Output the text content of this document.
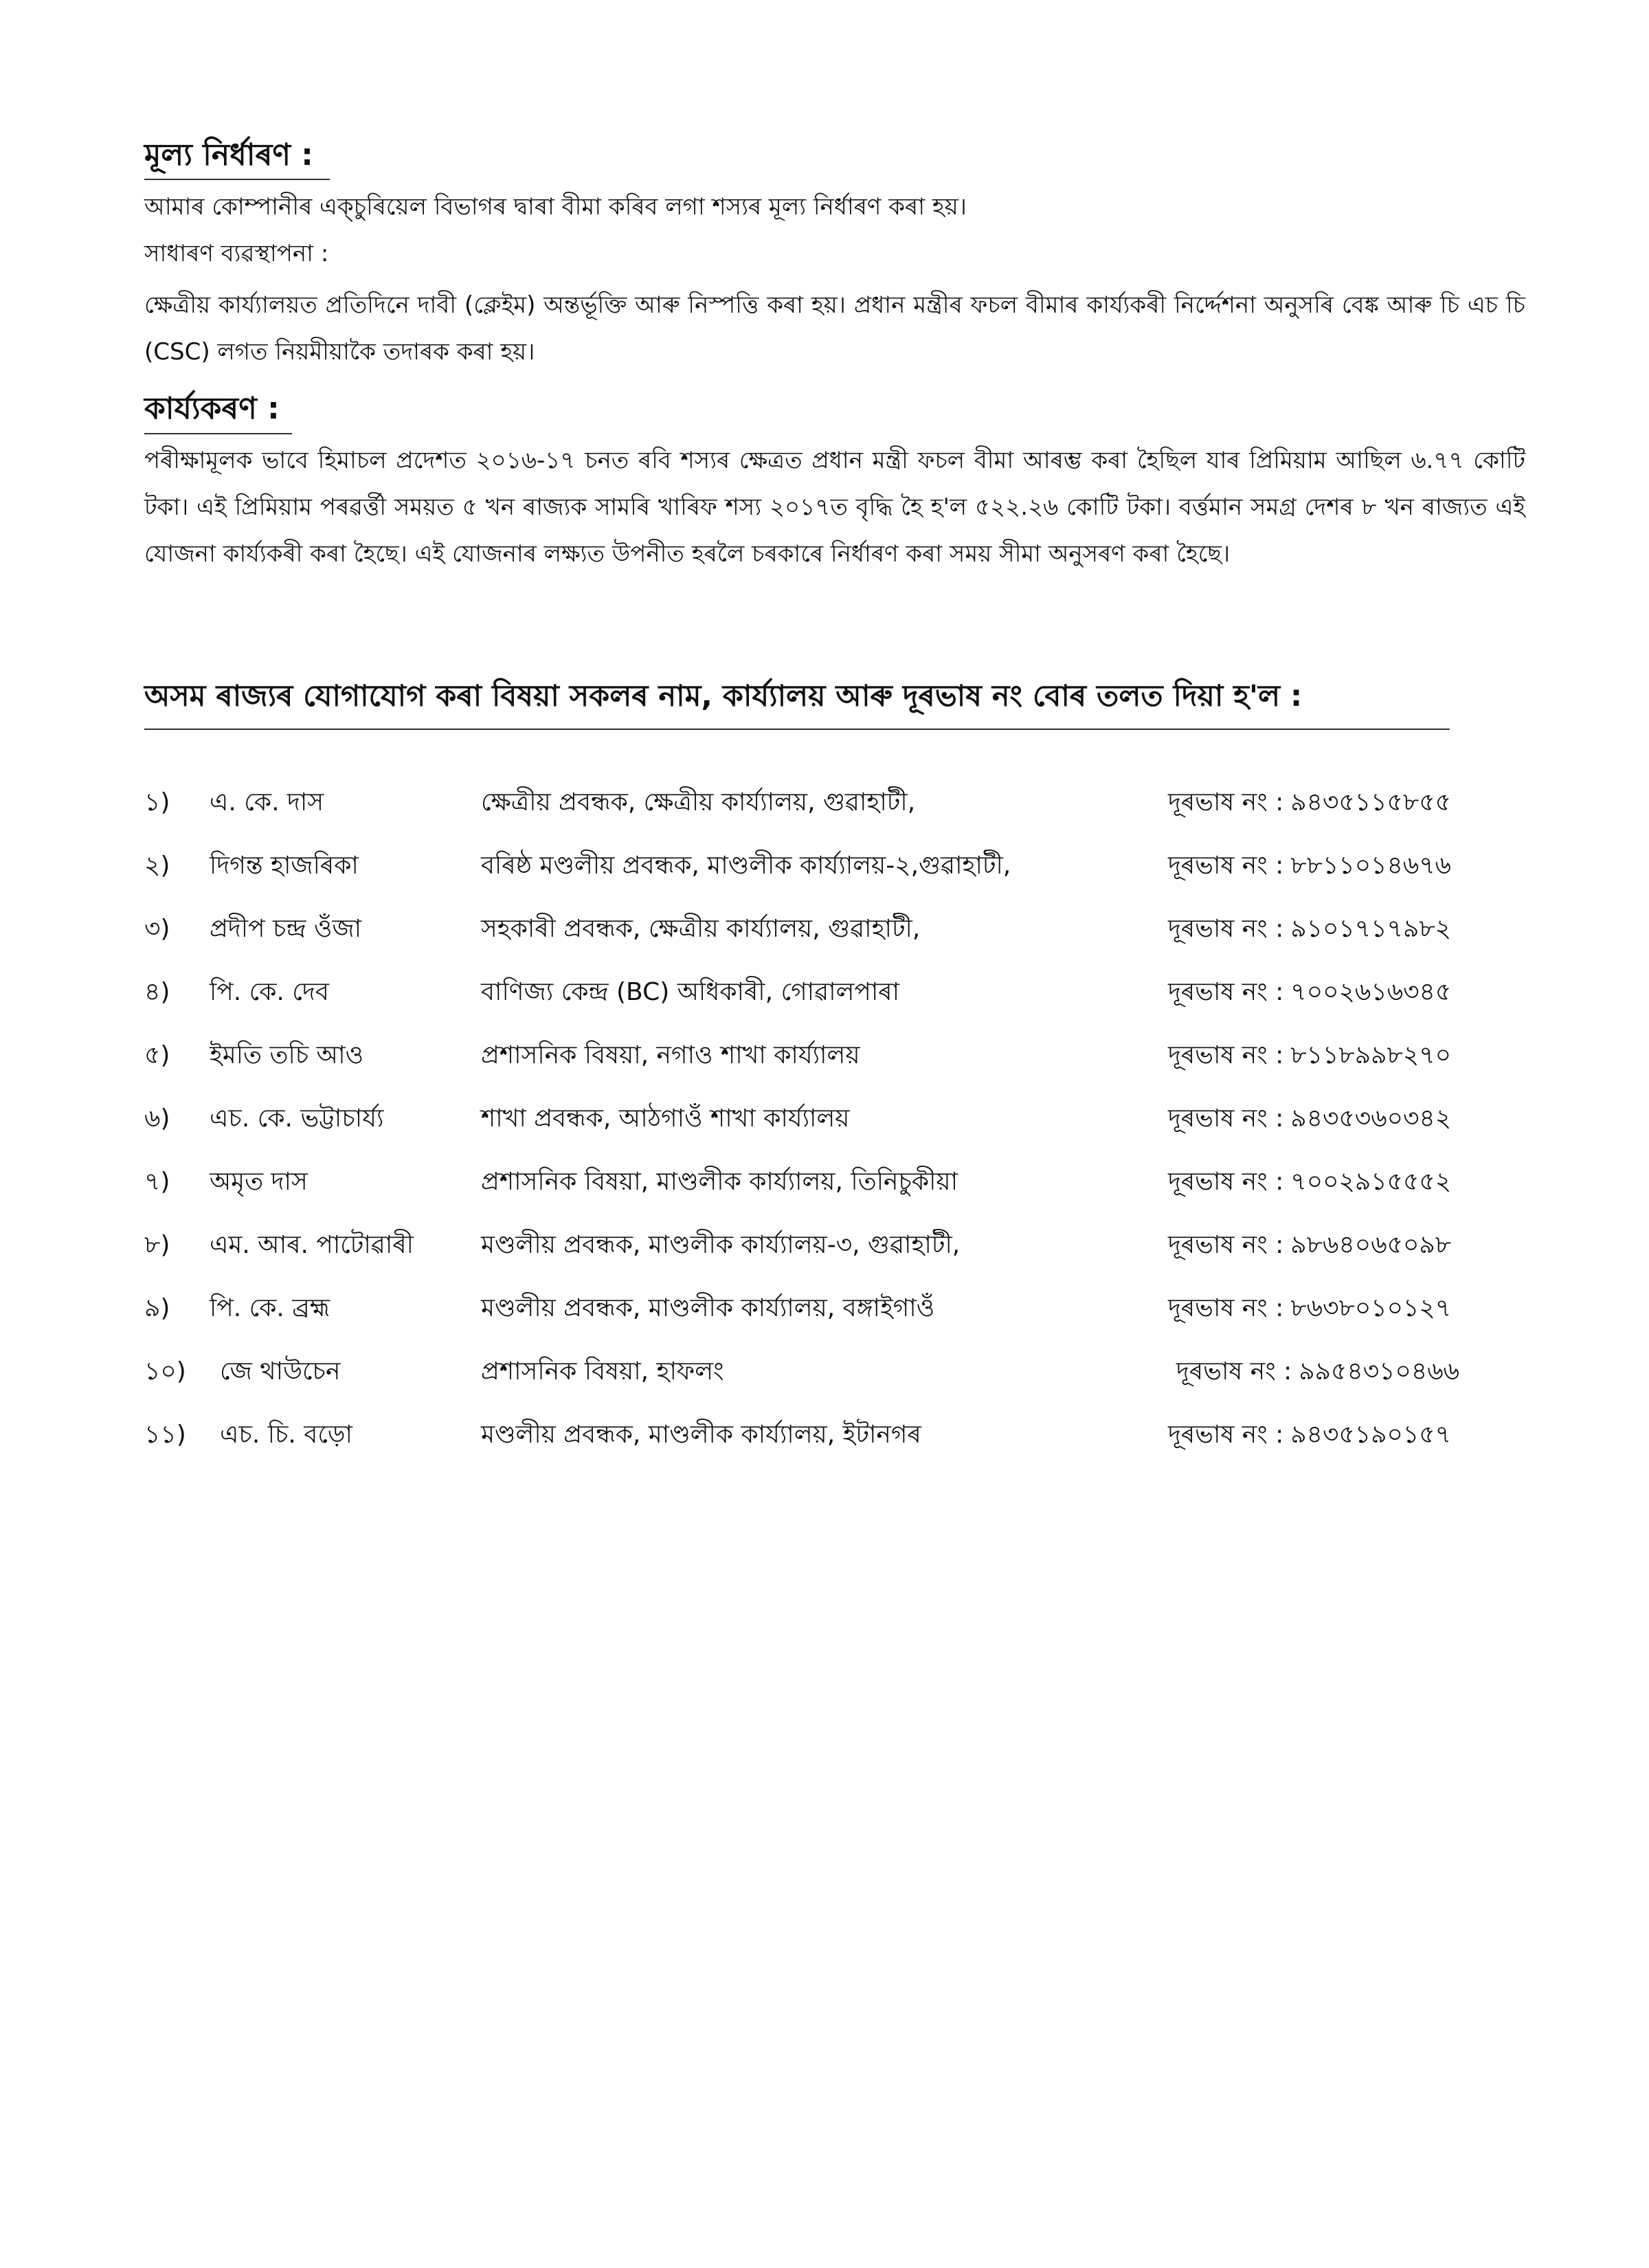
মূল্য নিৰ্ধাৰণ :
আমাৰ কোম্পানীৰ এক্চুৰিয়েল বিভাগৰ দ্বাৰা বীমা কৰিব লগা শস্যৰ মূল্য নিৰ্ধাৰণ কৰা হয়।
সাধাৰণ ব্যৱস্থাপনা :
ক্ষেত্ৰীয় কাৰ্য্যালয়ত প্ৰতিদিনে দাবী (ক্লেইম) অন্তৰ্ভূক্তি আৰু নিস্পত্তি কৰা হয়। প্ৰধান মন্ত্ৰীৰ ফচল বীমাৰ কাৰ্য্যকৰী নিৰ্দ্দেশনা অনুসৰি বেঙ্ক আৰু চি এচ চি (CSC) লগত নিয়মীয়াকৈ তদাৰক কৰা হয়।
কাৰ্য্যকৰণ :
পৰীক্ষামূলক ভাবে হিমাচল প্ৰদেশত ২০১৬-১৭ চনত ৰবি শস্যৰ ক্ষেত্ৰত প্ৰধান মন্ত্ৰী ফচল বীমা আৰম্ভ কৰা হৈছিল যাৰ প্ৰিমিয়াম আছিল ৬.৭৭ কোটি টকা। এই প্ৰিমিয়াম পৰৱৰ্ত্তী সময়ত ৫ খন ৰাজ্যক সামৰি খাৰিফ শস্য ২০১৭ত বৃদ্ধি হৈ হ'ল ৫২২.২৬ কোটি টকা। বৰ্ত্তমান সমগ্ৰ দেশৰ ৮ খন ৰাজ্যত এই যোজনা কাৰ্য্যকৰী কৰা হৈছে। এই যোজনাৰ লক্ষ্যত উপনীত হৰলৈ চৰকাৰে নিৰ্ধাৰণ কৰা সময় সীমা অনুসৰণ কৰা হৈছে।
অসম ৰাজ্যৰ যোগাযোগ কৰা বিষয়া সকলৰ নাম, কাৰ্য্যালয় আৰু দূৰভাষ নং বোৰ তলত দিয়া হ'ল :
১) এ. কে. দাস	ক্ষেত্ৰীয় প্ৰবন্ধক, ক্ষেত্ৰীয় কাৰ্য্যালয়, গুৱাহাটী,	দূৰভাষ নং : ৯৪৩৫১১৫৮৫৫
২) দিগন্ত হাজৰিকা	বৰিষ্ঠ মণ্ডলীয় প্ৰবন্ধক, মাণ্ডলীক কাৰ্য্যালয়-২,গুৱাহাটী,	দূৰভাষ নং : ৮৮১১০১৪৬৭৬
৩) প্ৰদীপ চন্দ্ৰ ওঁজা	সহকাৰী প্ৰবন্ধক, ক্ষেত্ৰীয় কাৰ্য্যালয়, গুৱাহাটী,	দূৰভাষ নং : ৯১০১৭১৭৯৮২
৪) পি. কে. দেব	বাণিজ্য কেন্দ্ৰ (BC) অধিকাৰী, গোৱালপাৰা	দূৰভাষ নং : ৭০০২৬১৬৩৪৫
৫) ইমতি তচি আও	প্ৰশাসনিক বিষয়া, নগাও শাখা কাৰ্য্যালয়	দূৰভাষ নং : ৮১১৮৯৯৮২৭০
৬) এচ. কে. ভট্টাচাৰ্য্য	শাখা প্ৰবন্ধক, আঠগাওঁ শাখা কাৰ্য্যালয়	দূৰভাষ নং : ৯৪৩৫৩৬০৩৪২
৭) অমৃত দাস	প্ৰশাসনিক বিষয়া, মাণ্ডলীক কাৰ্য্যালয়, তিনিচুকীয়া	দূৰভাষ নং : ৭০০২৯১৫৫৫২
৮) এম. আৰ. পাটোৱাৰী	মণ্ডলীয় প্ৰবন্ধক, মাণ্ডলীক কাৰ্য্যালয়-৩, গুৱাহাটী,	দূৰভাষ নং : ৯৮৬৪০৬৫০৯৮
৯) পি. কে. ব্ৰহ্ম	মণ্ডলীয় প্ৰবন্ধক, মাণ্ডলীক কাৰ্য্যালয়, বঙ্গাইগাওঁ	দূৰভাষ নং : ৮৬৩৮০১০১২৭
১০) জে থাউচেন	প্ৰশাসনিক বিষয়া, হাফলং	দূৰভাষ নং : ৯৯৫৪৩১০৪৬৬
১১) এচ. চি. বড়ো	মণ্ডলীয় প্ৰবন্ধক, মাণ্ডলীক কাৰ্য্যালয়, ইটানগৰ	দূৰভাষ নং : ৯৪৩৫১৯০১৫৭
